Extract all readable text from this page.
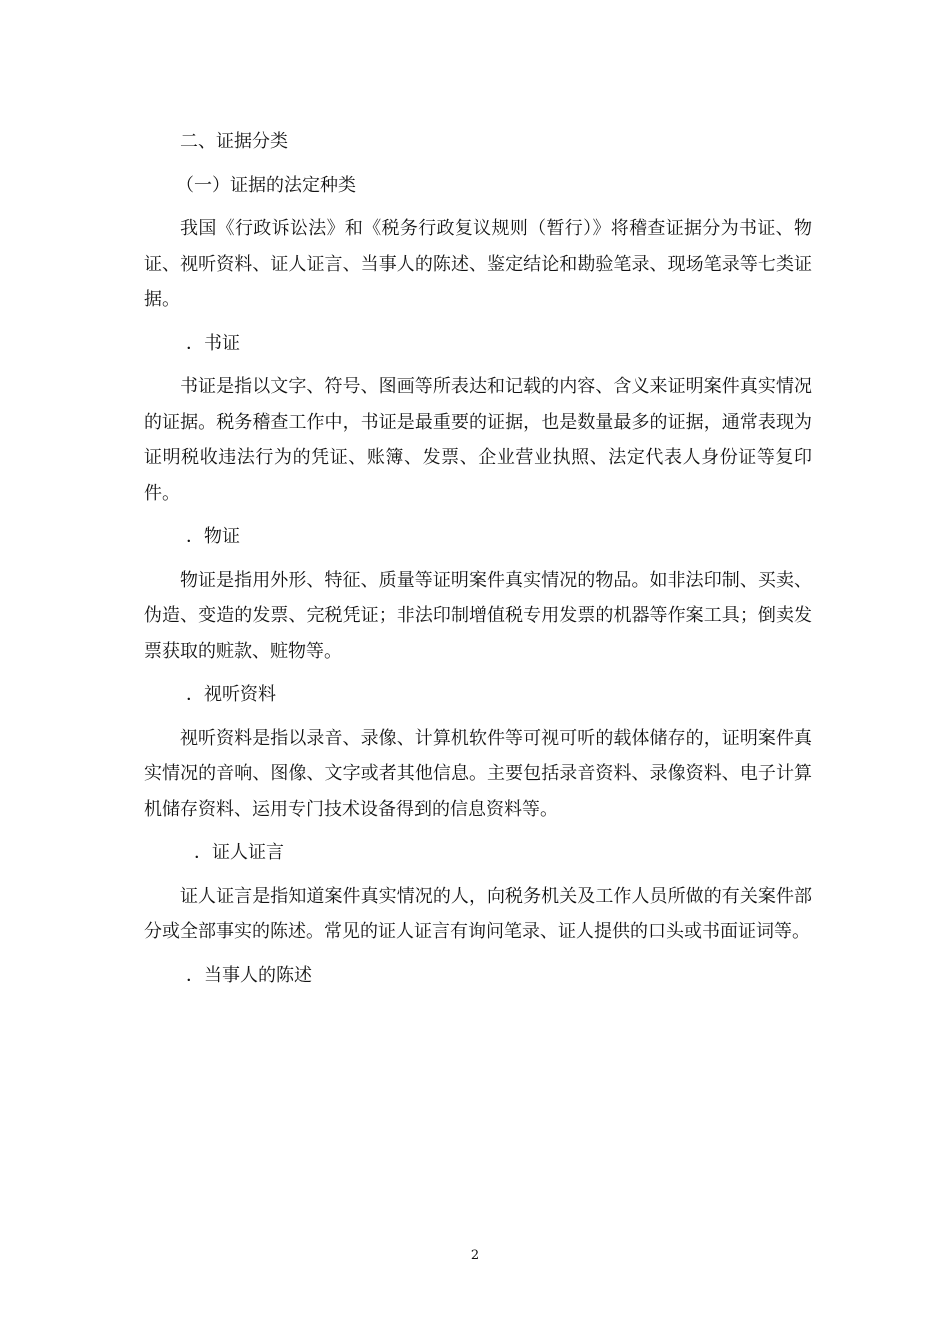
二、证据分类

（一）证据的法定种类

我国《行政诉讼法》和《税务行政复议规则（暂行）》将稽查证据分为书证、物证、视听资料、证人证言、当事人的陈述、鉴定结论和勘验笔录、现场笔录等七类证据。

．书证

书证是指以文字、符号、图画等所表达和记载的内容、含义来证明案件真实情况的证据。税务稽查工作中，书证是最重要的证据，也是数量最多的证据，通常表现为证明税收违法行为的凭证、账簿、发票、企业营业执照、法定代表人身份证等复印件。

．物证

物证是指用外形、特征、质量等证明案件真实情况的物品。如非法印制、买卖、伪造、变造的发票、完税凭证；非法印制增值税专用发票的机器等作案工具；倒卖发票获取的赃款、赃物等。

．视听资料

视听资料是指以录音、录像、计算机软件等可视可听的载体储存的，证明案件真实情况的音响、图像、文字或者其他信息。主要包括录音资料、录像资料、电子计算机储存资料、运用专门技术设备得到的信息资料等。

．证人证言

证人证言是指知道案件真实情况的人，向税务机关及工作人员所做的有关案件部分或全部事实的陈述。常见的证人证言有询问笔录、证人提供的口头或书面证词等。

．当事人的陈述

2
